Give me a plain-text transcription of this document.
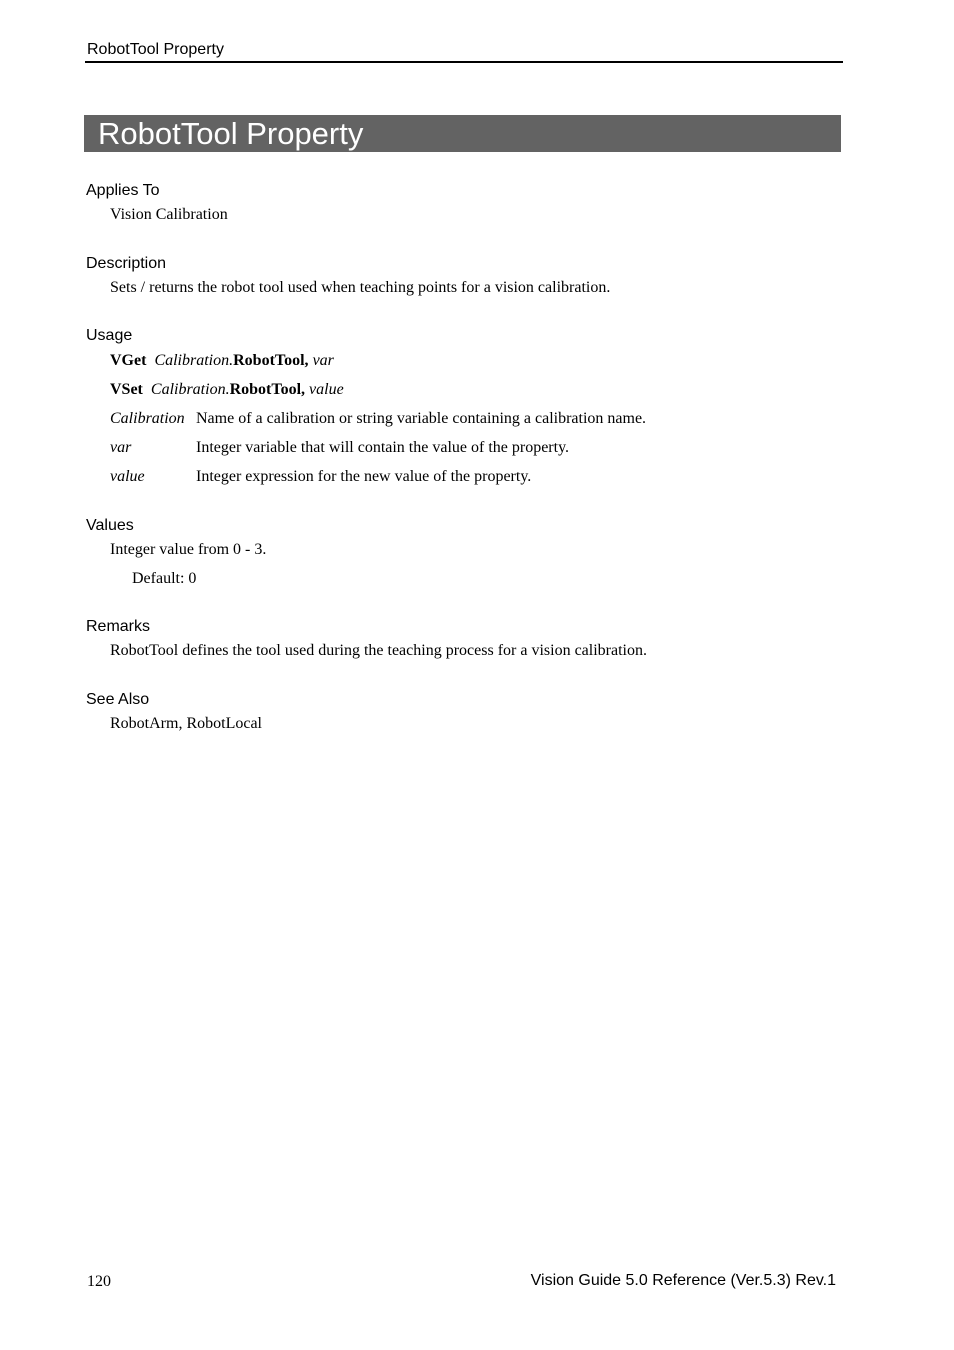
RobotTool Property
RobotTool Property
Applies To
Vision Calibration
Description
Sets / returns the robot tool used when teaching points for a vision calibration.
Usage
VGet Calibration.RobotTool, var
VSet Calibration.RobotTool, value
Calibration Name of a calibration or string variable containing a calibration name.
var	Integer variable that will contain the value of the property.
value	Integer expression for the new value of the property.
Values
Integer value from 0 - 3.
Default: 0
Remarks
RobotTool defines the tool used during the teaching process for a vision calibration.
See Also
RobotArm, RobotLocal
120	Vision Guide 5.0 Reference (Ver.5.3) Rev.1
